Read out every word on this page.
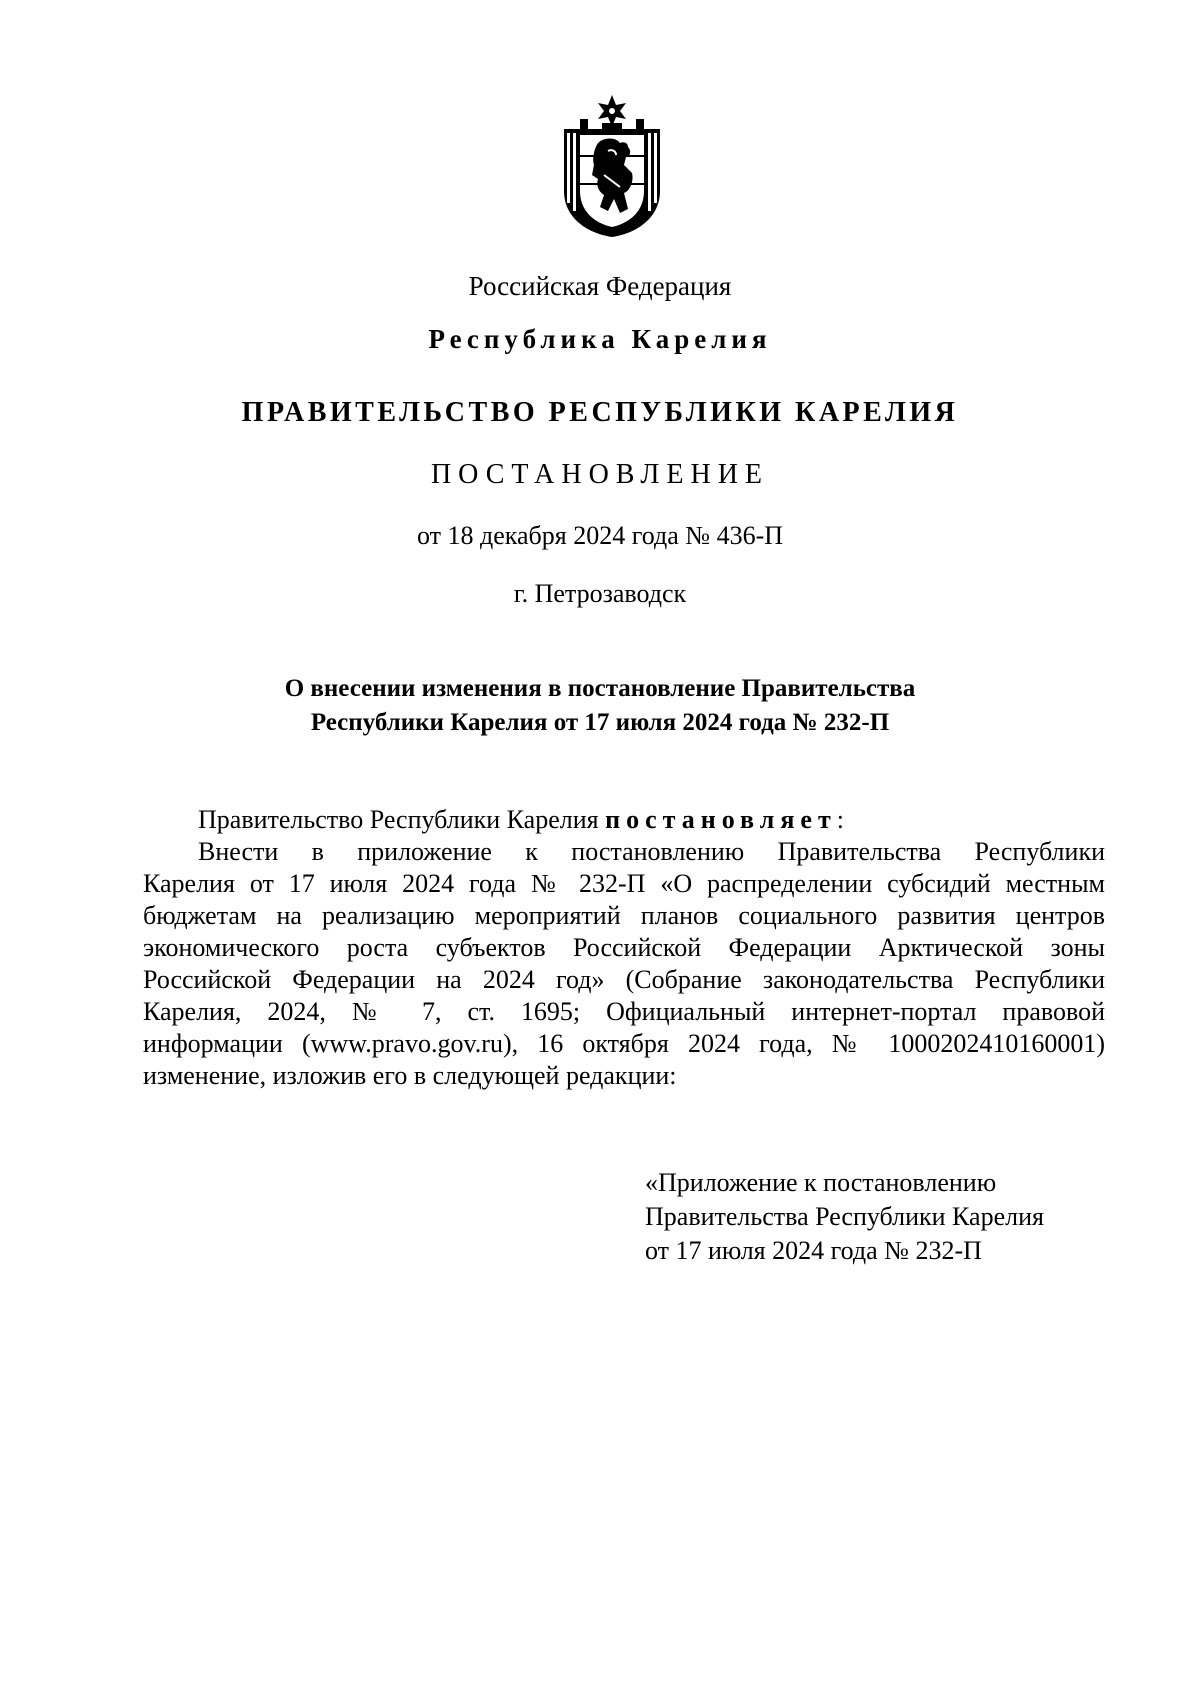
Российская Федерация
Республика Карелия
ПРАВИТЕЛЬСТВО РЕСПУБЛИКИ КАРЕЛИЯ
ПОСТАНОВЛЕНИЕ
от 18 декабря 2024 года № 436-П
г. Петрозаводск
О внесении изменения в постановление Правительства
Республики Карелия от 17 июля 2024 года № 232-П
Правительство Республики Карелия постановляет:
Внести в приложение к постановлению Правительства Республики
Карелия от 17 июля 2024 года № 232-П «О распределении субсидий местным
бюджетам на реализацию мероприятий планов социального развития центров
экономического роста субъектов Российской Федерации Арктической зоны
Российской Федерации на 2024 год» (Собрание законодательства Республики
Карелия, 2024, № 7, ст. 1695; Официальный интернет-портал правовой
информации (www.pravo.gov.ru), 16 октября 2024 года, № 1000202410160001)
изменение, изложив его в следующей редакции:
«Приложение к постановлению
Правительства Республики Карелия
от 17 июля 2024 года № 232-П
